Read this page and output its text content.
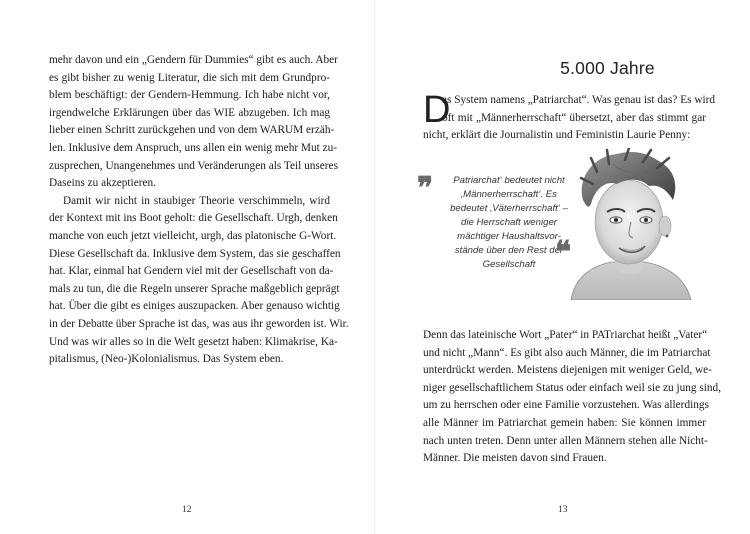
mehr davon und ein „Gendern für Dummies“ gibt es auch. Aber
es gibt bisher zu wenig Literatur, die sich mit dem Grundpro-
blem beschäftigt: der Gendern-Hemmung. Ich habe nicht vor,
irgendwelche Erklärungen über das WIE abzugeben. Ich mag
lieber einen Schritt zurückgehen und von dem WARUM erzäh-
len. Inklusive dem Anspruch, uns allen ein wenig mehr Mut zu-
zusprechen, Unangenehmes und Veränderungen als Teil unseres
Daseins zu akzeptieren.
Damit wir nicht in staubiger Theorie verschimmeln, wird
der Kontext mit ins Boot geholt: die Gesellschaft. Urgh, denken
manche von euch jetzt vielleicht, urgh, das platonische G-Wort.
Diese Gesellschaft da. Inklusive dem System, das sie geschaffen
hat. Klar, einmal hat Gendern viel mit der Gesellschaft von da-
mals zu tun, die die Regeln unserer Sprache maßgeblich geprägt
hat. Über die gibt es einiges auszupacken. Aber genauso wichtig
in der Debatte über Sprache ist das, was aus ihr geworden ist. Wir.
Und was wir alles so in die Welt gesetzt haben: Klimakrise, Ka-
pitalismus, (Neo-)Kolonialismus. Das System eben.
12
5.000 Jahre
D
as System namens „Patriarchat“. Was genau ist das? Es wird
oft mit „Männerherrschaft“ übersetzt, aber das stimmt gar
nicht, erklärt die Journalistin und Feministin Laurie Penny:
❞	Patriarchat‘ bedeutet nicht
‚Männerherrschaft‘. Es
bedeutet ‚Väterherrschaft‘ –
die Herrschaft weniger
mächtiger Haushaltsvor-
stände über den Rest der
Gesellschaft ❝
Denn das lateinische Wort „Pater“ in PATriarchat heißt „Vater“
und nicht „Mann“. Es gibt also auch Männer, die im Patriarchat
unterdrückt werden. Meistens diejenigen mit weniger Geld, we-
niger gesellschaftlichem Status oder einfach weil sie zu jung sind,
um zu herrschen oder eine Familie vorzustehen. Was allerdings
alle Männer im Patriarchat gemein haben: Sie können immer
nach unten treten. Denn unter allen Männern stehen alle Nicht-
Männer. Die meisten davon sind Frauen.
13
